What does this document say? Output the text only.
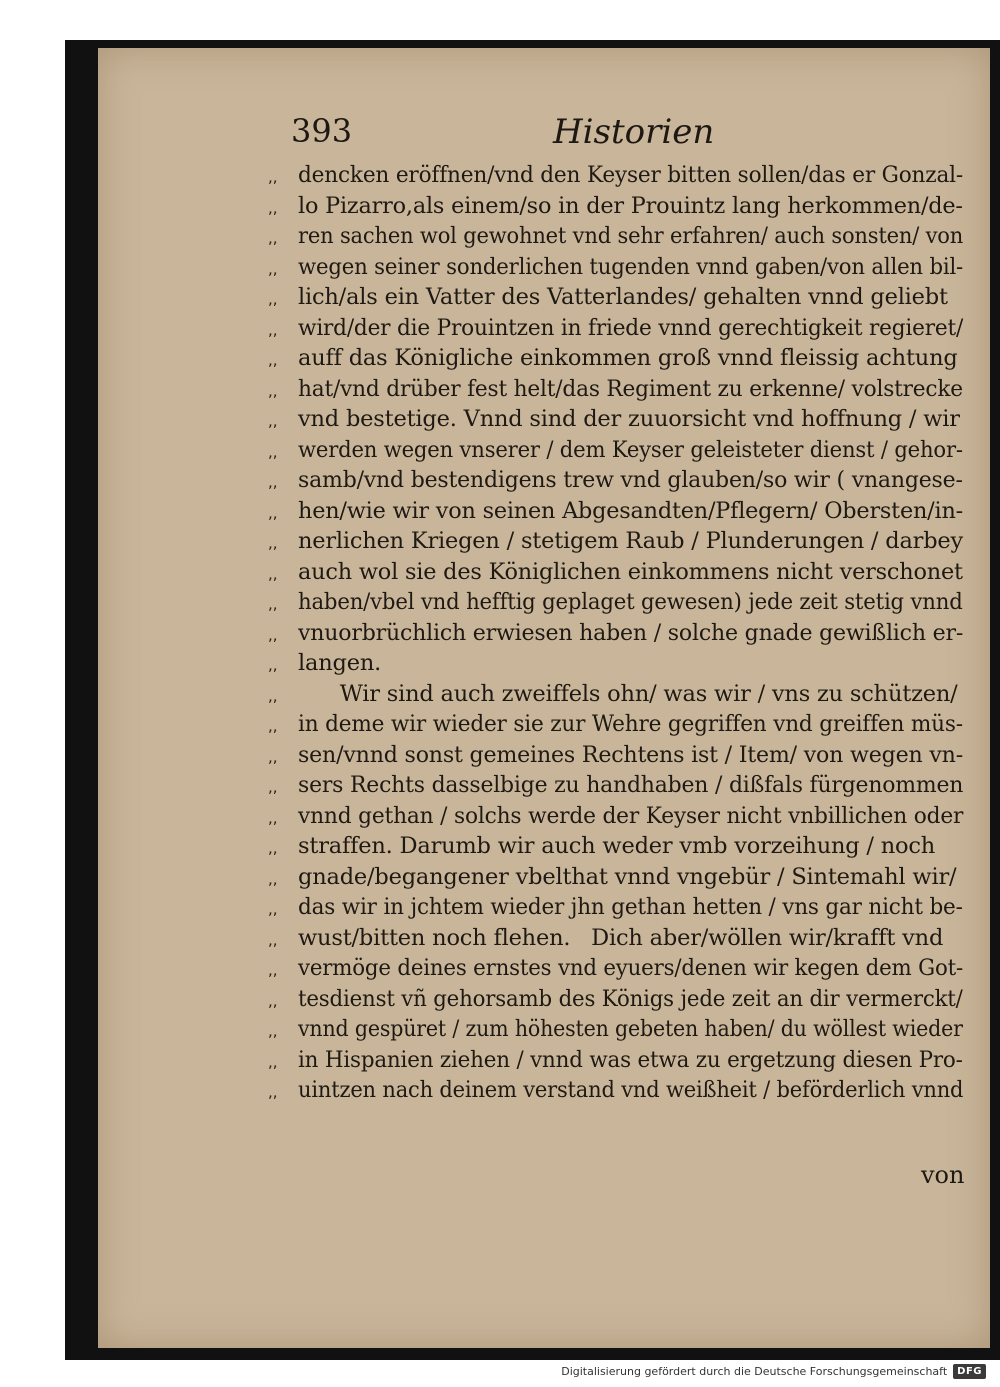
393	Historien
,, dencken eröffnen/vnd den Keyser bitten sollen/das er Gonzal-
,, lo Pizarro,als einem/so in der Prouintz lang herkommen/de-
,, ren sachen wol gewohnet vnd sehr erfahren/ auch sonsten/ von
,, wegen seiner sonderlichen tugenden vnnd gaben/von allen bil-
,, lich/als ein Vatter des Vatterlandes/ gehalten vnnd geliebt
,, wird/der die Prouintzen in friede vnnd gerechtigkeit regieret/
,, auff das Königliche einkommen groß vnnd fleissig achtung
,, hat/vnd drüber fest helt/das Regiment zu erkenne/ volstrecke
,, vnd bestetige. Vnnd sind der zuuorsicht vnd hoffnung / wir
,, werden wegen vnserer / dem Keyser geleisteter dienst / gehor-
,, samb/vnd bestendigens trew vnd glauben/so wir ( vnangese-
,, hen/wie wir von seinen Abgesandten/Pflegern/ Obersten/in-
,, nerlichen Kriegen / stetigem Raub / Plunderungen / darbey
,, auch wol sie des Königlichen einkommens nicht verschonet
,, haben/vbel vnd hefftig geplaget gewesen) jede zeit stetig vnnd
,, vnuorbrüchlich erwiesen haben / solche gnade gewißlich er-
,, langen.
,, Wir sind auch zweiffels ohn/ was wir / vns zu schützen/
,, in deme wir wieder sie zur Wehre gegriffen vnd greiffen müs-
,, sen/vnnd sonst gemeines Rechtens ist / Item/ von wegen vn-
,, sers Rechts dasselbige zu handhaben / dißfals fürgenommen
,, vnnd gethan / solchs werde der Keyser nicht vnbillichen oder
,, straffen. Darumb wir auch weder vmb vorzeihung / noch
,, gnade/begangener vbelthat vnnd vngebür / Sintemahl wir/
,, das wir in jchtem wieder jhn gethan hetten / vns gar nicht be-
,, wust/bitten noch flehen.   Dich aber/wöllen wir/krafft vnd
,, vermöge deines ernstes vnd eyuers/denen wir kegen dem Got-
,, tesdienst vñ gehorsamb des Königs jede zeit an dir vermerckt/
,, vnnd gespüret / zum höhesten gebeten haben/ du wöllest wieder
,, in Hispanien ziehen / vnnd was etwa zu ergetzung diesen Pro-
,, uintzen nach deinem verstand vnd weißheit / beförderlich vnnd
von
Digitalisierung gefördert durch die Deutsche Forschungsgemeinschaft	DFG
